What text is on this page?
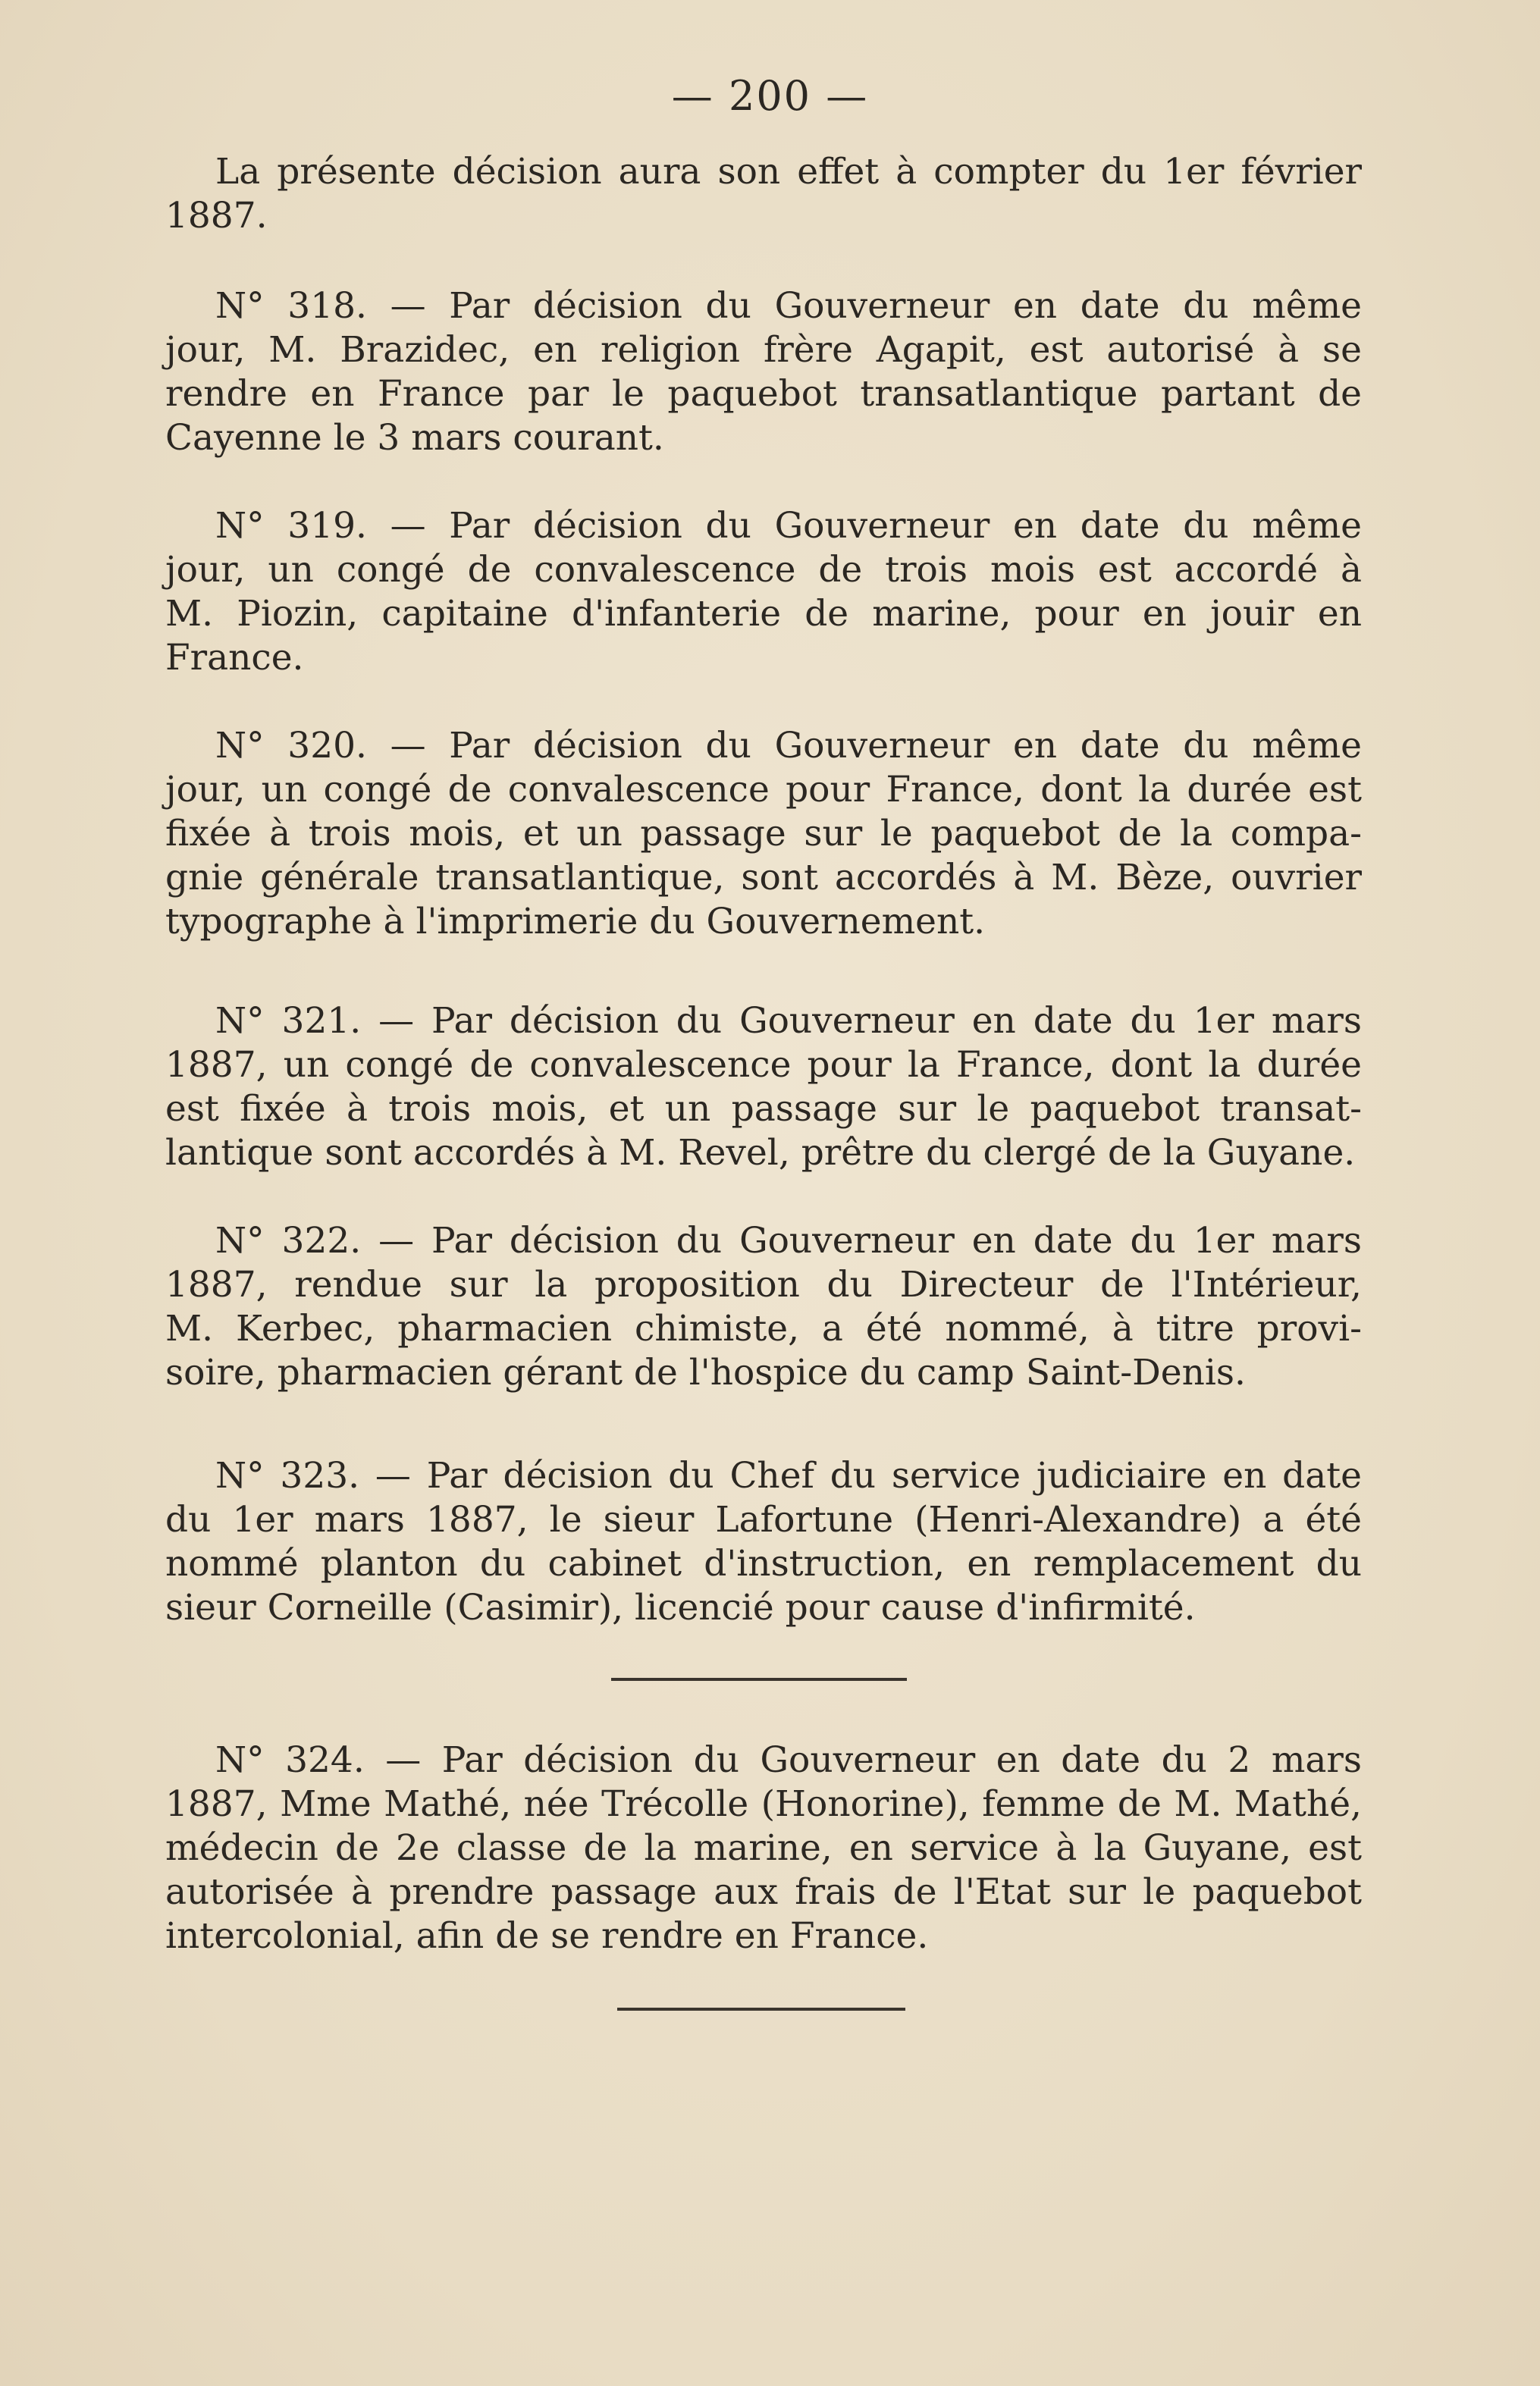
— 200 —
La présente décision aura son effet à compter du 1er février
1887.
N° 318. — Par décision du Gouverneur en date du même
jour, M. Brazidec, en religion frère Agapit, est autorisé à se
rendre en France par le paquebot transatlantique partant de
Cayenne le 3 mars courant.
N° 319. — Par décision du Gouverneur en date du même
jour, un congé de convalescence de trois mois est accordé à
M. Piozin, capitaine d'infanterie de marine, pour en jouir en
France.
N° 320. — Par décision du Gouverneur en date du même
jour, un congé de convalescence pour France, dont la durée est
fixée à trois mois, et un passage sur le paquebot de la compa-
gnie générale transatlantique, sont accordés à M. Bèze, ouvrier
typographe à l'imprimerie du Gouvernement.
N° 321. — Par décision du Gouverneur en date du 1er mars
1887, un congé de convalescence pour la France, dont la durée
est fixée à trois mois, et un passage sur le paquebot transat-
lantique sont accordés à M. Revel, prêtre du clergé de la Guyane.
N° 322. — Par décision du Gouverneur en date du 1er mars
1887, rendue sur la proposition du Directeur de l'Intérieur,
M. Kerbec, pharmacien chimiste, a été nommé, à titre provi-
soire, pharmacien gérant de l'hospice du camp Saint-Denis.
N° 323. — Par décision du Chef du service judiciaire en date
du 1er mars 1887, le sieur Lafortune (Henri-Alexandre) a été
nommé planton du cabinet d'instruction, en remplacement du
sieur Corneille (Casimir), licencié pour cause d'infirmité.
N° 324. — Par décision du Gouverneur en date du 2 mars
1887, Mme Mathé, née Trécolle (Honorine), femme de M. Mathé,
médecin de 2e classe de la marine, en service à la Guyane, est
autorisée à prendre passage aux frais de l'Etat sur le paquebot
intercolonial, afin de se rendre en France.
